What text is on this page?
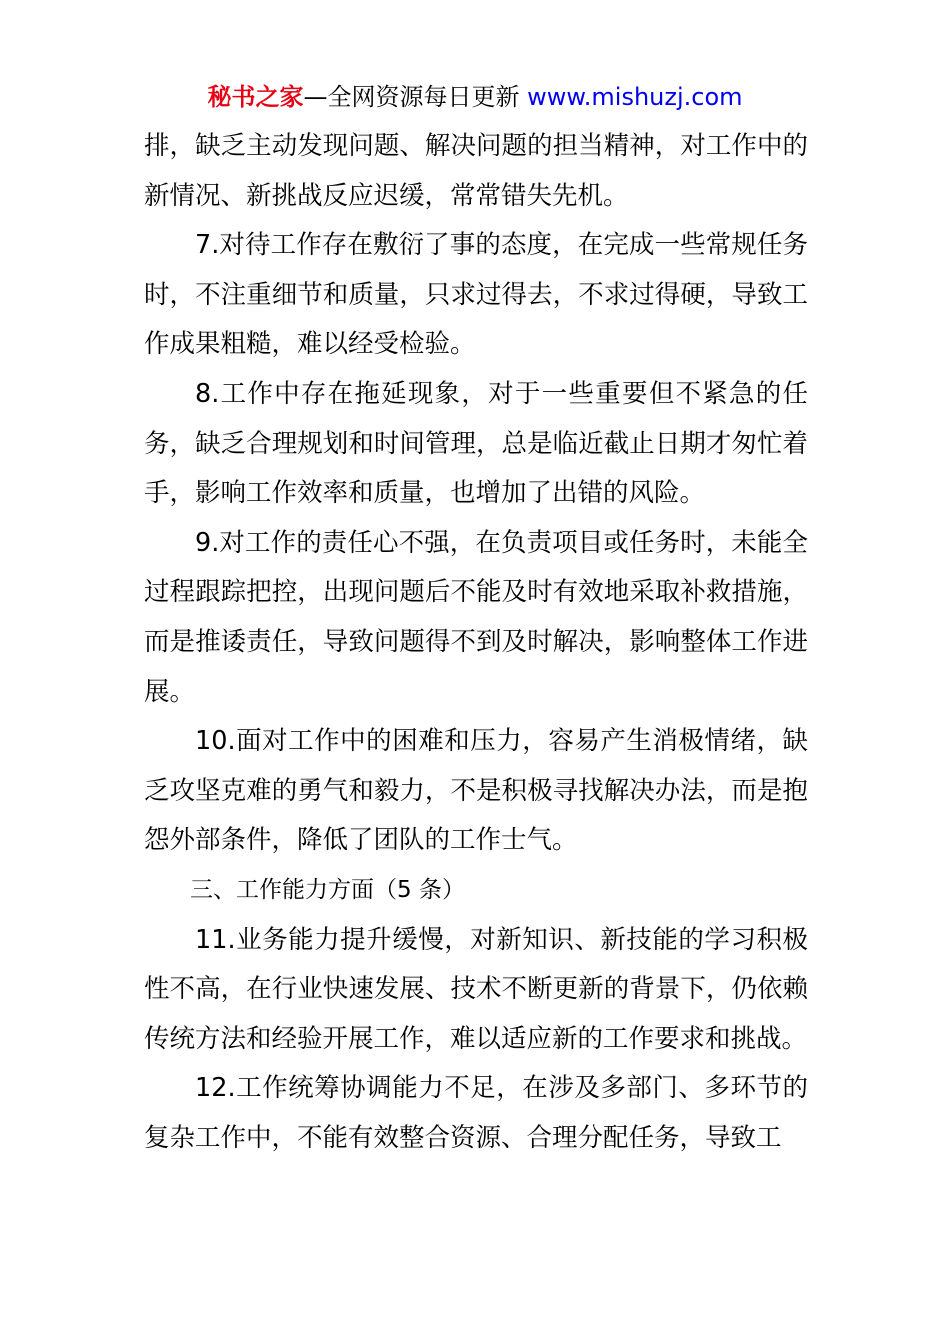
秘书之家—全网资源每日更新 www.mishuzj.com

排，缺乏主动发现问题、解决问题的担当精神，对工作中的新情况、新挑战反应迟缓，常常错失先机。

7.对待工作存在敷衍了事的态度，在完成一些常规任务时，不注重细节和质量，只求过得去，不求过得硬，导致工作成果粗糙，难以经受检验。

8.工作中存在拖延现象，对于一些重要但不紧急的任务，缺乏合理规划和时间管理，总是临近截止日期才匆忙着手，影响工作效率和质量，也增加了出错的风险。

9.对工作的责任心不强，在负责项目或任务时，未能全过程跟踪把控，出现问题后不能及时有效地采取补救措施，而是推诿责任，导致问题得不到及时解决，影响整体工作进展。

10.面对工作中的困难和压力，容易产生消极情绪，缺乏攻坚克难的勇气和毅力，不是积极寻找解决办法，而是抱怨外部条件，降低了团队的工作士气。

三、工作能力方面（5 条）

11.业务能力提升缓慢，对新知识、新技能的学习积极性不高，在行业快速发展、技术不断更新的背景下，仍依赖传统方法和经验开展工作，难以适应新的工作要求和挑战。

12.工作统筹协调能力不足，在涉及多部门、多环节的复杂工作中，不能有效整合资源、合理分配任务，导致工
